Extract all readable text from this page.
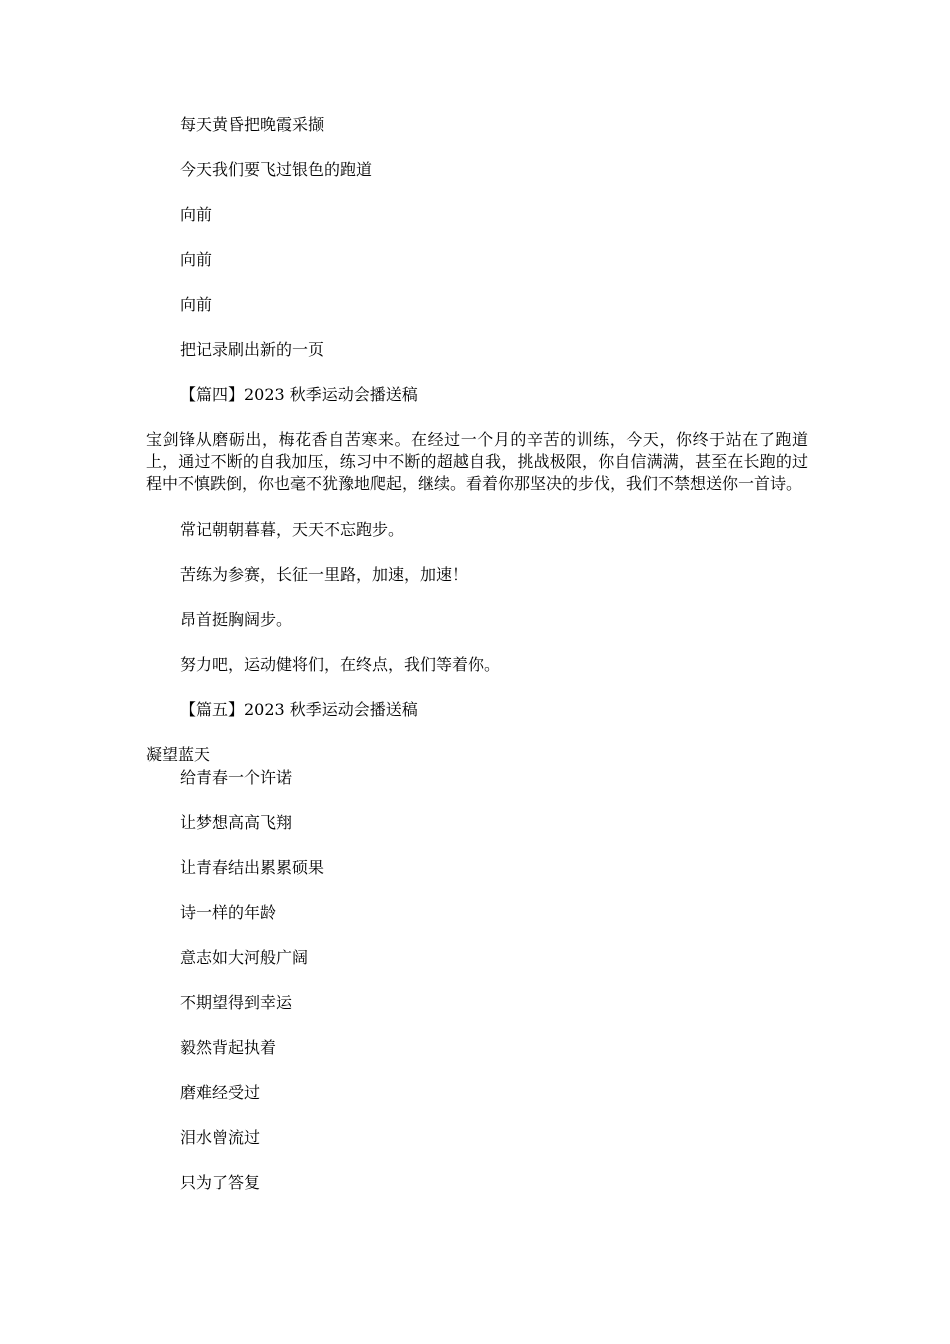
每天黄昏把晚霞采撷

今天我们要飞过银色的跑道

向前

向前

向前

把记录刷出新的一页

【篇四】2023 秋季运动会播送稿

宝剑锋从磨砺出，梅花香自苦寒来。在经过一个月的辛苦的训练，今天，你终于站在了跑道上，通过不断的自我加压，练习中不断的超越自我，挑战极限，你自信满满，甚至在长跑的过程中不慎跌倒，你也毫不犹豫地爬起，继续。看着你那坚决的步伐，我们不禁想送你一首诗。

常记朝朝暮暮，天天不忘跑步。

苦练为参赛，长征一里路，加速，加速！

昂首挺胸阔步。

努力吧，运动健将们，在终点，我们等着你。

【篇五】2023 秋季运动会播送稿

凝望蓝天

给青春一个许诺

让梦想高高飞翔

让青春结出累累硕果

诗一样的年龄

意志如大河般广阔

不期望得到幸运

毅然背起执着

磨难经受过

泪水曾流过

只为了答复
